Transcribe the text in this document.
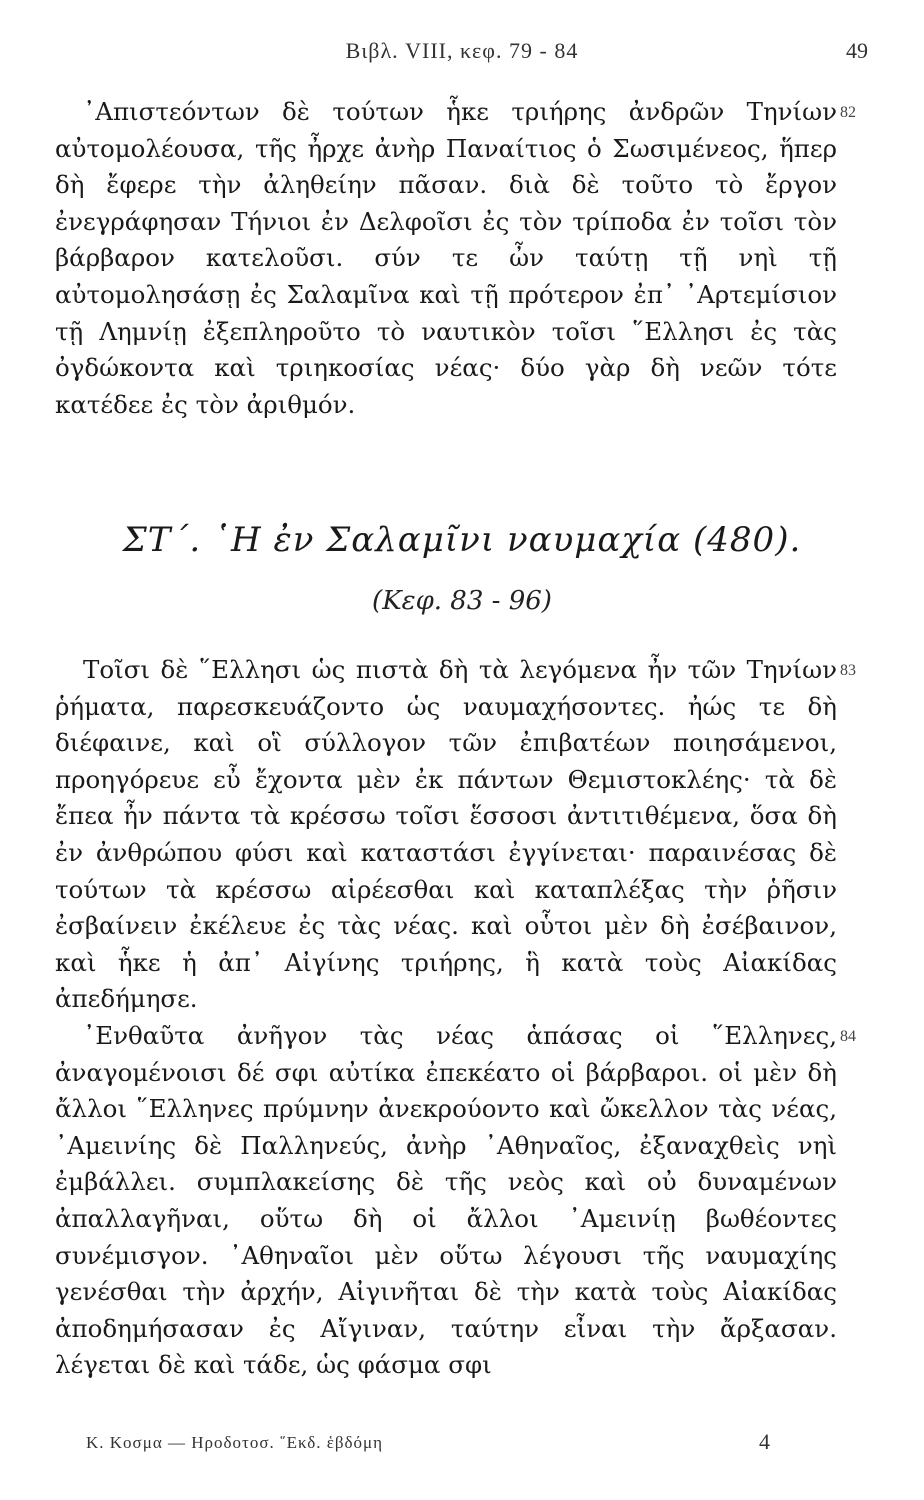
Βιβλ. VIII, κεφ. 79 - 84	49

᾿Απιστεόντων δὲ τούτων ἧκε τριήρης ἀνδρῶν Τηνίων αὐτομολέουσα, τῆς ἦρχε ἀνὴρ Παναίτιος ὁ Σωσιμένεος, ἥπερ δὴ ἔφερε τὴν ἀληθείην πᾶσαν. διὰ δὲ τοῦτο τὸ ἔργον ἐνεγράφησαν Τήνιοι ἐν Δελφοῖσι ἐς τὸν τρίποδα ἐν τοῖσι τὸν βάρβαρον κατελοῦσι. σύν τε ὦν ταύτῃ τῇ νηὶ τῇ αὐτομολησάσῃ ἐς Σαλαμῖνα καὶ τῇ πρότερον ἐπ᾿ ᾿Αρτεμίσιον τῇ Λημνίῃ ἐξεπληροῦτο τὸ ναυτικὸν τοῖσι ῞Ελλησι ἐς τὰς ὀγδώκοντα καὶ τριηκοσίας νέας· δύο γὰρ δὴ νεῶν τότε κατέδεε ἐς τὸν ἀριθμόν.

82
ΣΤ΄. ῾Η ἐν Σαλαμῖνι ναυμαχία (480).
(Κεφ. 83 - 96)

Τοῖσι δὲ ῞Ελλησι ὡς πιστὰ δὴ τὰ λεγόμενα ἦν τῶν Τηνίων ῥήματα, παρεσκευάζοντο ὡς ναυμαχήσοντες. ἠώς τε δὴ διέφαινε, καὶ οἳ σύλλογον τῶν ἐπιβατέων ποιησάμενοι, προηγόρευε εὖ ἔχοντα μὲν ἐκ πάντων Θεμιστοκλέης· τὰ δὲ ἔπεα ἦν πάντα τὰ κρέσσω τοῖσι ἕσσοσι ἀντιτιθέμενα, ὅσα δὴ ἐν ἀνθρώπου φύσι καὶ καταστάσι ἐγγίνεται· παραινέσας δὲ τούτων τὰ κρέσσω αἱρέεσθαι καὶ καταπλέξας τὴν ῥῆσιν ἐσβαίνειν ἐκέλευε ἐς τὰς νέας. καὶ οὗτοι μὲν δὴ ἐσέβαινον, καὶ ἧκε ἡ ἀπ᾿ Αἰγίνης τριήρης, ἣ κατὰ τοὺς Αἰακίδας ἀπεδήμησε.

83

᾿Ενθαῦτα ἀνῆγον τὰς νέας ἁπάσας οἱ ῞Ελληνες, ἀναγομένοισι δέ σφι αὐτίκα ἐπεκέατο οἱ βάρβαροι. οἱ μὲν δὴ ἄλλοι ῞Ελληνες πρύμνην ἀνεκρούοντο καὶ ὤκελλον τὰς νέας, ᾿Αμεινίης δὲ Παλληνεύς, ἀνὴρ ᾿Αθηναῖος, ἐξαναχθεὶς νηὶ ἐμβάλλει. συμπλακείσης δὲ τῆς νεὸς καὶ οὐ δυναμένων ἀπαλλαγῆναι, οὕτω δὴ οἱ ἄλλοι ᾿Αμεινίῃ βωθέοντες συνέμισγον. ᾿Αθηναῖοι μὲν οὕτω λέγουσι τῆς ναυμαχίης γενέσθαι τὴν ἀρχήν, Αἰγινῆται δὲ τὴν κατὰ τοὺς Αἰακίδας ἀποδημήσασαν ἐς Αἴγιναν, ταύτην εἶναι τὴν ἄρξασαν. λέγεται δὲ καὶ τάδε, ὡς φάσμα σφι

84
Κ. Κοσμα — Ηροδοτοσ. ῞Εκδ. ἑβδόμη	4
